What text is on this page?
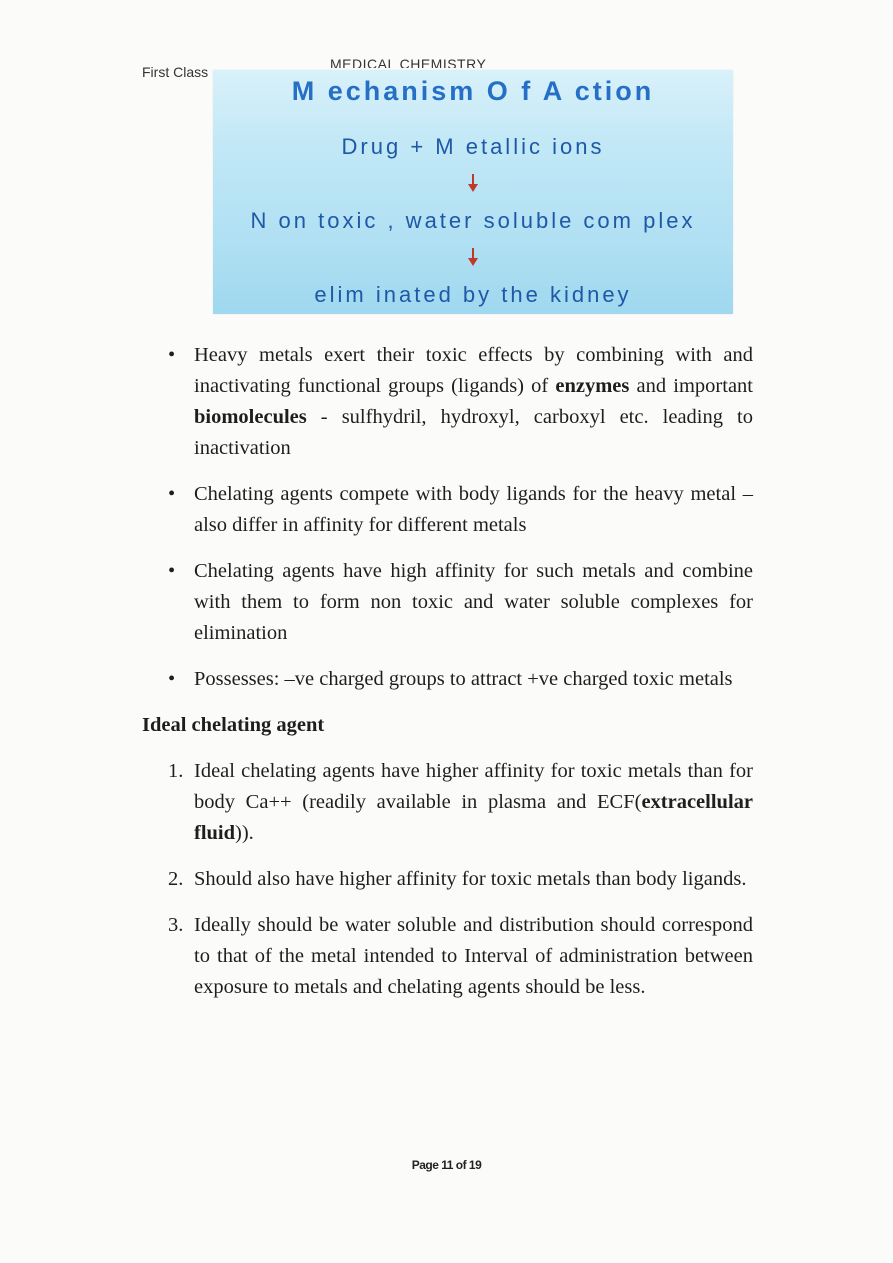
First Class	MEDICAL CHEMISTRY
M echanism O f A ction
Drug + M etallic ions
N on toxic , water soluble com plex
elim inated by the kidney
• Heavy metals exert their toxic effects by combining with and inactivating functional groups (ligands) of enzymes and important biomolecules - sulfhydril, hydroxyl, carboxyl etc. leading to inactivation
• Chelating agents compete with body ligands for the heavy metal – also differ in affinity for different metals
• Chelating agents have high affinity for such metals and combine with them to form non toxic and water soluble complexes for elimination
• Possesses: –ve charged groups to attract +ve charged toxic metals
Ideal chelating agent
1. Ideal chelating agents have higher affinity for toxic metals than for body Ca++ (readily available in plasma and ECF(extracellular fluid)).
2. Should also have higher affinity for toxic metals than body ligands.
3. Ideally should be water soluble and distribution should correspond to that of the metal intended to Interval of administration between exposure to metals and chelating agents should be less.
Page 11 of 19
